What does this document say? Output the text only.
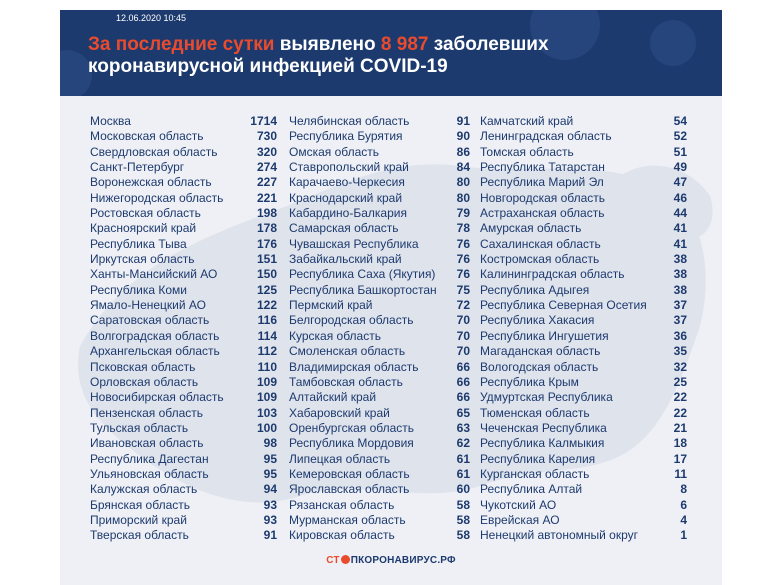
12.06.2020 10:45
За последние сутки выявлено 8 987 заболевших
коронавирусной инфекцией COVID-19
Москва	1714
Московская область	730
Свердловская область	320
Санкт-Петербург	274
Воронежская область	227
Нижегородская область	221
Ростовская область	198
Красноярский край	178
Республика Тыва	176
Иркутская область	151
Ханты-Мансийский АО	150
Республика Коми	125
Ямало-Ненецкий АО	122
Саратовская область	116
Волгоградская область	114
Архангельская область	112
Псковская область	110
Орловская область	109
Новосибирская область	109
Пензенская область	103
Тульская область	100
Ивановская область	98
Республика Дагестан	95
Ульяновская область	95
Калужская область	94
Брянская область	93
Приморский край	93
Тверская область	91
Челябинская область	91
Республика Бурятия	90
Омская область	86
Ставропольский край	84
Карачаево-Черкесия	80
Краснодарский край	80
Кабардино-Балкария	79
Самарская область	78
Чувашская Республика	76
Забайкальский край	76
Республика Саха (Якутия) 76
Республика Башкортостан 75
Пермский край	72
Белгородская область	70
Курская область	70
Смоленская область	70
Владимирская область	66
Тамбовская область	66
Алтайский край	66
Хабаровский край	65
Оренбургская область	63
Республика Мордовия	62
Липецкая область	61
Кемеровская область	61
Ярославская область	60
Рязанская область	58
Мурманская область	58
Кировская область	58
Камчатский край	54
Ленинградская область	52
Томская область	51
Республика Татарстан	49
Республика Марий Эл	47
Новгородская область	46
Астраханская область	44
Амурская область	41
Сахалинская область	41
Костромская область	38
Калининградская область	38
Республика Адыгея	38
Республика Северная Осетия 37
Республика Хакасия	37
Республика Ингушетия	36
Магаданская область	35
Вологодская область	32
Республика Крым	25
Удмуртская Республика	22
Тюменская область	22
Чеченская Республика	21
Республика Калмыкия	18
Республика Карелия	17
Курганская область	11
Республика Алтай	8
Чукотский АО	6
Еврейская АО	4
Ненецкий автономный округ	1
СТ ПКОРОНАВИРУС.РФ
